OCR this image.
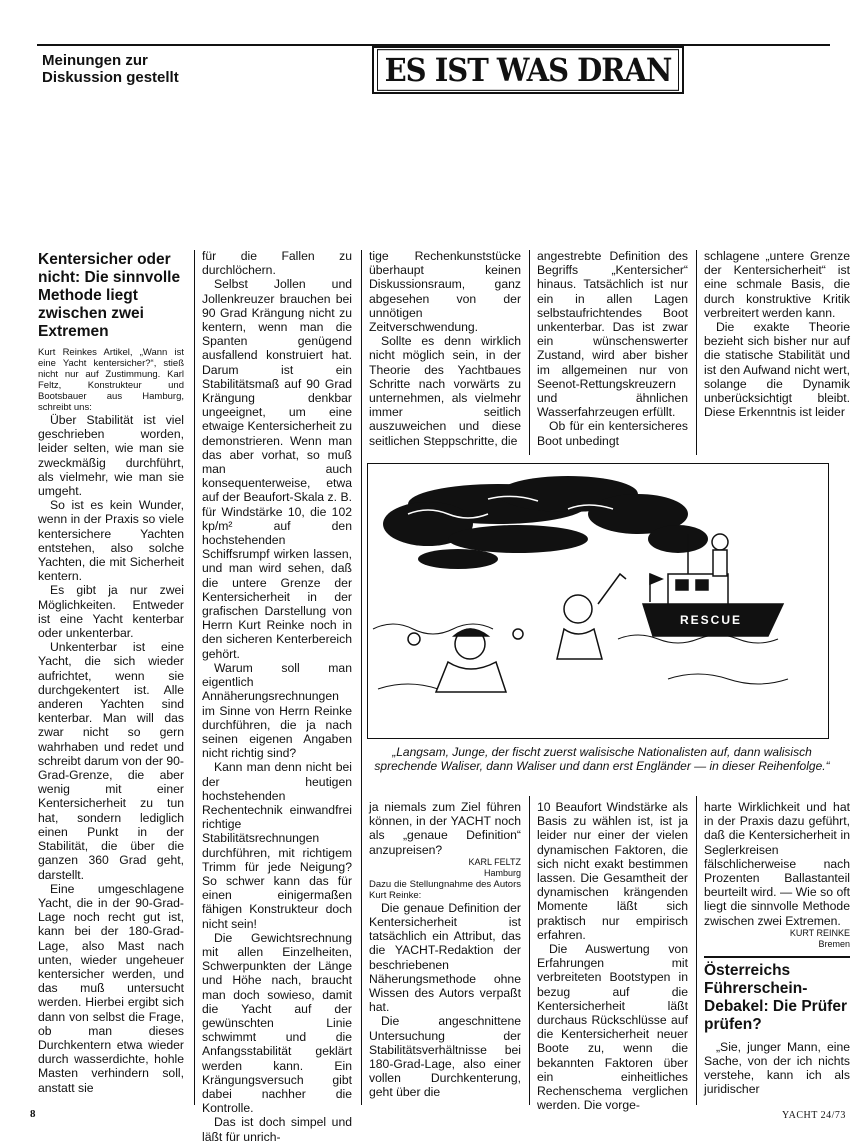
Meinungen zur
Diskussion gestellt	ES IST WAS DRAN
Kentersicher oder nicht: Die sinnvolle Methode liegt zwischen zwei Extremen

Kurt Reinkes Artikel, „Wann ist eine Yacht kentersicher?“, stieß nicht nur auf Zustimmung. Karl Feltz, Konstrukteur und Bootsbauer aus Hamburg, schreibt uns:

Über Stabilität ist viel geschrieben worden, leider selten, wie man sie zweckmäßig durchführt, als vielmehr, wie man sie umgeht.

So ist es kein Wunder, wenn in der Praxis so viele kentersichere Yachten entstehen, also solche Yachten, die mit Sicherheit kentern.

Es gibt ja nur zwei Möglichkeiten. Entweder ist eine Yacht kenterbar oder unkenterbar.

Unkenterbar ist eine Yacht, die sich wieder aufrichtet, wenn sie durchgekentert ist. Alle anderen Yachten sind kenterbar. Man will das zwar nicht so gern wahrhaben und redet und schreibt darum von der 90-Grad-Grenze, die aber wenig mit einer Kentersicherheit zu tun hat, sondern lediglich einen Punkt in der Stabilität, die über die ganzen 360 Grad geht, darstellt.

Eine umgeschlagene Yacht, die in der 90-Grad-Lage noch recht gut ist, kann bei der 180-Grad-Lage, also Mast nach unten, wieder ungeheuer kentersicher werden, und das muß untersucht werden. Hierbei ergibt sich dann von selbst die Frage, ob man dieses Durchkentern etwa wieder durch wasserdichte, hohle Masten verhindern soll, anstatt sie

für die Fallen zu durchlöchern.

Selbst Jollen und Jollenkreuzer brauchen bei 90 Grad Krängung nicht zu kentern, wenn man die Spanten genügend ausfallend konstruiert hat. Darum ist ein Stabilitätsmaß auf 90 Grad Krängung denkbar ungeeignet, um eine etwaige Kentersicherheit zu demonstrieren. Wenn man das aber vorhat, so muß man auch konsequenterweise, etwa auf der Beaufort-Skala z. B. für Windstärke 10, die 102 kp/m² auf den hochstehenden Schiffsrumpf wirken lassen, und man wird sehen, daß die untere Grenze der Kentersicherheit in der grafischen Darstellung von Herrn Kurt Reinke noch in den sicheren Kenterbereich gehört.

Warum soll man eigentlich Annäherungsrechnungen im Sinne von Herrn Reinke durchführen, die ja nach seinen eigenen Angaben nicht richtig sind?

Kann man denn nicht bei der heutigen hochstehenden Rechentechnik einwandfrei richtige Stabilitätsrechnungen durchführen, mit richtigem Trimm für jede Neigung? So schwer kann das für einen einigermaßen fähigen Konstrukteur doch nicht sein!

Die Gewichtsrechnung mit allen Einzelheiten, Schwerpunkten der Länge und Höhe nach, braucht man doch sowieso, damit die Yacht auf der gewünschten Linie schwimmt und die Anfangsstabilität geklärt werden kann. Ein Krängungsversuch gibt dabei nachher die Kontrolle.

Das ist doch simpel und läßt für unrich-

tige Rechenkunststücke überhaupt keinen Diskussionsraum, ganz abgesehen von der unnötigen Zeitverschwendung.

Sollte es denn wirklich nicht möglich sein, in der Theorie des Yachtbaues Schritte nach vorwärts zu unternehmen, als vielmehr immer seitlich auszuweichen und diese seitlichen Steppschritte, die

angestrebte Definition des Begriffs „Kentersicher“ hinaus. Tatsächlich ist nur ein in allen Lagen selbstaufrichtendes Boot unkenterbar. Das ist zwar ein wünschenswerter Zustand, wird aber bisher im allgemeinen nur von Seenot-Rettungskreuzern und ähnlichen Wasserfahrzeugen erfüllt.

Ob für ein kentersicheres Boot unbedingt

schlagene „untere Grenze der Kentersicherheit“ ist eine schmale Basis, die durch konstruktive Kritik verbreitert werden kann.

Die exakte Theorie bezieht sich bisher nur auf die statische Stabilität und ist den Aufwand nicht wert, solange die Dynamik unberücksichtigt bleibt. Diese Erkenntnis ist leider

RESCUE
„Langsam, Junge, der fischt zuerst walisische Nationalisten auf, dann walisisch sprechende Waliser, dann Waliser und dann erst Engländer — in dieser Reihenfolge.“

ja niemals zum Ziel führen können, in der YACHT noch als „genaue Definition“ anzupreisen?

KARL FELTZ

Hamburg

Dazu die Stellungnahme des Autors Kurt Reinke:

Die genaue Definition der Kentersicherheit ist tatsächlich ein Attribut, das die YACHT-Redaktion der beschriebenen Näherungsmethode ohne Wissen des Autors verpaßt hat.

Die angeschnittene Untersuchung der Stabilitätsverhältnisse bei 180-Grad-Lage, also einer vollen Durchkenterung, geht über die

10 Beaufort Windstärke als Basis zu wählen ist, ist ja leider nur einer der vielen dynamischen Faktoren, die sich nicht exakt bestimmen lassen. Die Gesamtheit der dynamischen krängenden Momente läßt sich praktisch nur empirisch erfahren.

Die Auswertung von Erfahrungen mit verbreiteten Bootstypen in bezug auf die Kentersicherheit läßt durchaus Rückschlüsse auf die Kentersicherheit neuer Boote zu, wenn die bekannten Faktoren über ein einheitliches Rechenschema verglichen werden. Die vorge-

harte Wirklichkeit und hat in der Praxis dazu geführt, daß die Kentersicherheit in Seglerkreisen fälschlicherweise nach Prozenten Ballastanteil beurteilt wird. — Wie so oft liegt die sinnvolle Methode zwischen zwei Extremen.

KURT REINKE

Bremen

Österreichs Führerschein-Debakel: Die Prüfer prüfen?

„Sie, junger Mann, eine Sache, von der ich nichts verstehe, kann ich als juridischer

8	YACHT 24/73
